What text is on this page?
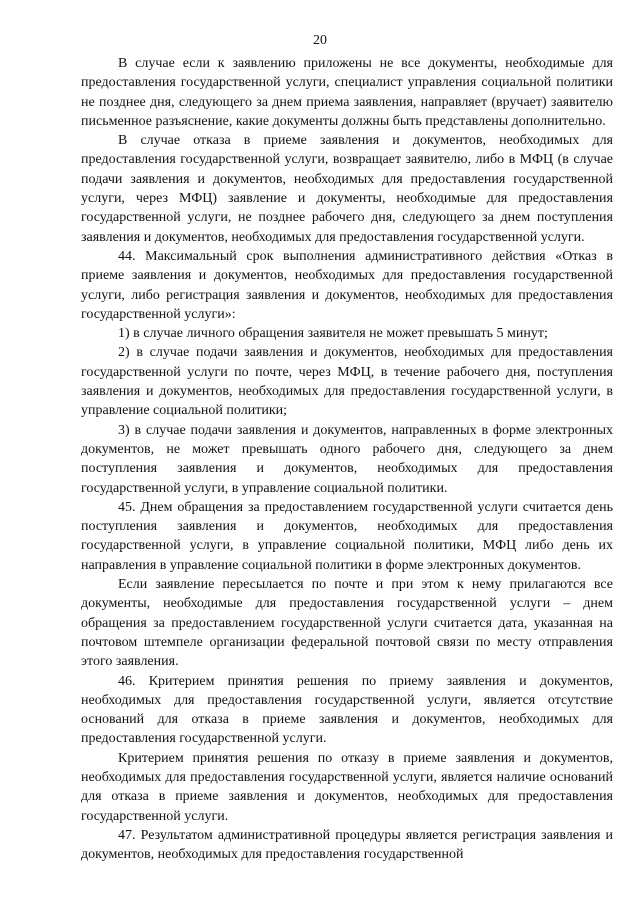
20

В случае если к заявлению приложены не все документы, необходимые для предоставления государственной услуги, специалист управления социальной политики не позднее дня, следующего за днем приема заявления, направляет (вручает) заявителю письменное разъяснение, какие документы должны быть представлены дополнительно.

В случае отказа в приеме заявления и документов, необходимых для предоставления государственной услуги, возвращает заявителю, либо в МФЦ (в случае подачи заявления и документов, необходимых для предоставления государственной услуги, через МФЦ) заявление и документы, необходимые для предоставления государственной услуги, не позднее рабочего дня, следующего за днем поступления заявления и документов, необходимых для предоставления государственной услуги.

44. Максимальный срок выполнения административного действия «Отказ в приеме заявления и документов, необходимых для предоставления государственной услуги, либо регистрация заявления и документов, необходимых для предоставления государственной услуги»:

1) в случае личного обращения заявителя не может превышать 5 минут;

2) в случае подачи заявления и документов, необходимых для предоставления государственной услуги по почте, через МФЦ, в течение рабочего дня, поступления заявления и документов, необходимых для предоставления государственной услуги, в управление социальной политики;

3) в случае подачи заявления и документов, направленных в форме электронных документов, не может превышать одного рабочего дня, следующего за днем поступления заявления и документов, необходимых для предоставления государственной услуги, в управление социальной политики.

45. Днем обращения за предоставлением государственной услуги считается день поступления заявления и документов, необходимых для предоставления государственной услуги, в управление социальной политики, МФЦ либо день их направления в управление социальной политики в форме электронных документов.

Если заявление пересылается по почте и при этом к нему прилагаются все документы, необходимые для предоставления государственной услуги – днем обращения за предоставлением государственной услуги считается дата, указанная на почтовом штемпеле организации федеральной почтовой связи по месту отправления этого заявления.

46. Критерием принятия решения по приему заявления и документов, необходимых для предоставления государственной услуги, является отсутствие оснований для отказа в приеме заявления и документов, необходимых для предоставления государственной услуги.

Критерием принятия решения по отказу в приеме заявления и документов, необходимых для предоставления государственной услуги, является наличие оснований для отказа в приеме заявления и документов, необходимых для предоставления государственной услуги.

47. Результатом административной процедуры является регистрация заявления и документов, необходимых для предоставления государственной
